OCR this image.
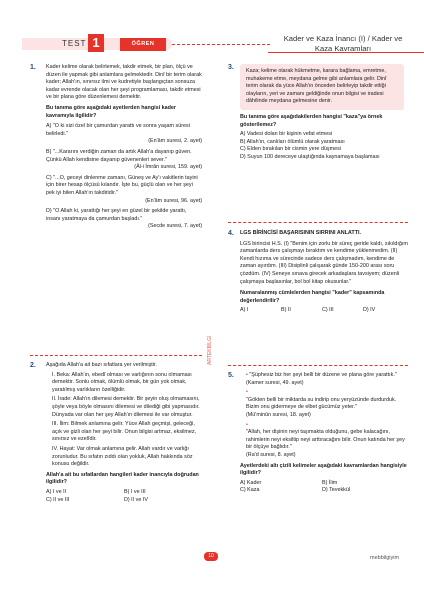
TEST 1	ÖĞREN
Kader ve Kaza İnancı (I) / Kader ve
Kaza Kavramları
1.	Kader kelime olarak belirlemek, takdir etmek, bir plan, ölçü ve düzen ile yapmak gibi anlamlara gelmektedir. Dinî bir terim olarak kader; Allah'ın, sınırsız ilmi ve kudretiyle başlangıçtan sonsuza kadar evrende olacak olan her şeyi programlaması, takdir etmesi ve bir plana göre düzenlemesi demektir.
Bu tanıma göre aşağıdaki ayetlerden hangisi kader kavramıyla ilgilidir?
A) "O ki sizi özel bir çamurdan yarattı ve sonra yaşam süresi belirledi."
(En'âm suresi, 2. ayet)
B) "...Kararını verdiğin zaman da artık Allah'a dayanıp güven. Çünkü Allah kendisine dayanıp güvenenleri sever."
(Âl-i İmrân suresi, 159. ayet)
C) "...O, geceyi dinlenme zamanı, Güneş ve Ay'ı vakitlerin tayini için birer hesap ölçüsü kılandır. İşte bu, güçlü olan ve her şeyi pek iyi bilen Allah'ın takdiridir."
(En'âm suresi, 96. ayet)
D) "O Allah ki, yarattığı her şeyi en güzel bir şekilde yarattı, insanı yaratmaya da çamurdan başladı."
(Secde suresi, 7. ayet)
2.	Aşağıda Allah'a ait bazı sıfatlara yer verilmiştir.
I. Beka: Allah'ın, ebedî olması ve varlığının sonu olmaması demektir. Sonlu olmak, ölümlü olmak, bir gün yok olmak, yaratılmış varlıkların özelliğidir.
II. İrade: Allah'ın dilemesi demektir. Bir şeyin oluş olmamasını, şöyle veya böyle olmasını dilemesi ve dilediği gibi yapmasıdır. Dünyada var olan her şey Allah'ın dilemesi ile var olmuştur.
III. İlim: Bilmek anlamına gelir. Yüce Allah geçmişi, geleceği, açık ve gizli olan her şeyi bilir. Onun bilgisi artmaz, eksilmez, sınırsız ve ezelîdir.
IV. Hayat: Var olmak anlamına gelir. Allah vardır ve varlığı zorunludur. Bu sıfatın zıddı olan yokluk, Allah hakkında söz konusu değildir.
Allah'a ait bu sıfatlardan hangileri kader inancıyla doğrudan ilgilidir?
A) I ve II	B) I ve III
C) II ve III	D) II ve IV
ARTEKBİLGİ
3.	Kaza; kelime olarak hükmetme, karara bağlama, emretme, muhakeme etme, meydana gelme gibi anlamlara gelir. Dinî terim olarak da yüce Allah'ın önceden belirleyip takdir ettiği olayların, yeri ve zamanı geldiğinde onun bilgisi ve iradesi dâhilinde meydana gelmesine denir.
Bu tanıma göre aşağıdakilerden hangisi "kaza"ya örnek gösterilemez?
A) Vadesi dolan bir kişinin vefat etmesi
B) Allah'ın, canlıları ölümlü olarak yaratması
C) Elden bırakılan bir cismin yere düşmesi
D) Suyun 100 dereceye ulaştığında kaynamaya başlaması
4.	LGS BİRİNCİSİ BAŞARISININ SIRRINI ANLATTI.
LGS birincisi H.S. (I) "Benim için zorlu bir süreç geride kaldı, sıkıldığım zamanlarda ders çalışmayı bıraktım ve kendime yüklenmedim. (II) Kendi hızıma ve sürecinde sadece ders çalışmadım, kendime de zaman ayırdım. (III) Disiplinli çalışarak günde 150-200 arası soru çözdüm. (IV) Seneye sınava girecek arkadaşlara tavsiyem; düzenli çalışmaya başlasınlar, bol bol kitap okusunlar."
Numaralanmış cümlelerden hangisi "kader" kapsamında değerlendirilir?
A) I	B) II	C) III	D) IV
5.	• "Şüphesiz biz her şeyi belli bir düzene ve plana göre yarattık."(Kamer suresi, 49. ayet)
• "Gökten belli bir miktarda su indirip onu yeryüzünde durdurduk. Bizim onu gidermeye de elbet gücümüz yeter."(Mü'minûn suresi, 18. ayet)
• "Allah, her dişinin neyi taşımakta olduğunu, gebe kalacağını, rahimlerin neyi eksiltip neyi arttıracağını bilir. Onun katında her şey bir ölçüye bağlıdır."(Ra'd suresi, 8. ayet)
Ayetlerdeki altı çizili kelimeler aşağıdaki kavramlardan hangisiyle ilgilidir?
A) Kader	B) İlim
C) Kaza	D) Tevekkül
10	mebbilgiyim
